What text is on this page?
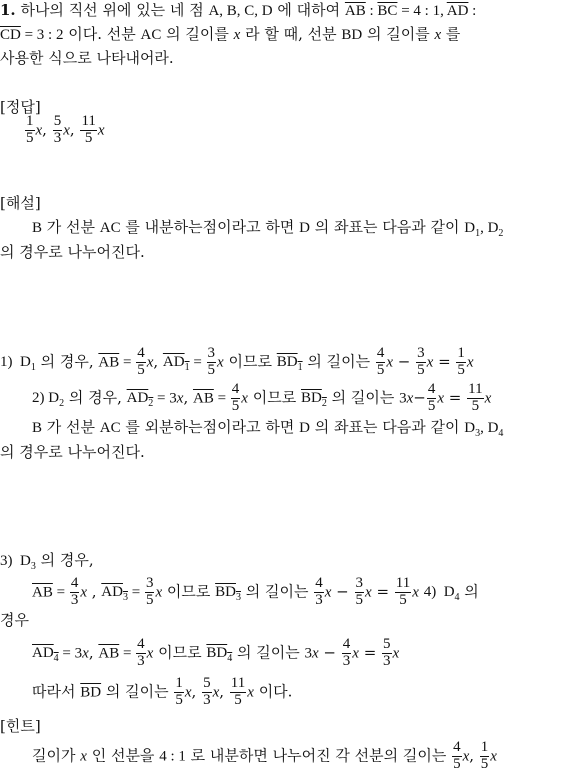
1. 하나의 직선 위에 있는 네 점 A, B, C, D 에 대하여 $\overline{AB}$ : $\overline{BC} = 4$ : 1, $\overline{AD}$ :
$\overline{CD} = 3$ : 2 이다. 선분 AC 의 길이를 x 라 할 때, 선분 BD 의 길이를 x 를
사용한 식으로 나타내어라.
[정답]
$\frac{1}{5} x$, $\frac{5}{3} x$, $\frac{11}{5}$ x
[해설]
B 가 선분 AC 를 내분하는점이라고 하면 D 의 좌표는 다음과 같이 $D_1$, $D_2$
의 경우로 나누어진다.
1)  $D_1$ 의 경우, $\overline{AB} = \frac{4}{5} x$, $AD_1 = \frac{3}{5}$ x 이므로 $BD_1$ 의 길이는 $\frac{4}{5}$ $x - \frac{3}{5}$ $x = \frac{1}{5}$ x
2) $D_2$ 의 경우, $AD_2 = 3x$, $\overline{AB} = \frac{4}{5}$ x 이므로 $BD_2$ 의 길이는 $3x- \frac{4}{5}$ $x = \frac{11}{5}$ x
B 가 선분 AC 를 외분하는점이라고 하면 D 의 좌표는 다음과 같이 $D_3$, $D_4$
의 경우로 나누어진다.
3)  $D_3$ 의 경우,
$\overline{AB} = \frac{4}{3}$ x , $AD_3 = \frac{3}{5}$ x 이므로 $BD_3$ 의 길이는 $\frac{4}{3}$ $x - \frac{3}{5}$ $x = \frac{11}{5}$ x 4)  $D_4$ 의
경우
$AD_4 = 3x$, $\overline{AB} = \frac{4}{3}$ x 이므로 $BD_4$ 의 길이는 $3x - \frac{4}{3}$ $x = \frac{5}{3}$ x
따라서 $\overline{BD}$ 의 길이는 $\frac{1}{5} x$, $\frac{5}{3} x$, $\frac{11}{5}$ x 이다.
[힌트]
길이가 x 인 선분을 4 : 1 로 내분하면 나누어진 각 선분의 길이는 $\frac{4}{5} x$, $\frac{1}{5}$ x
